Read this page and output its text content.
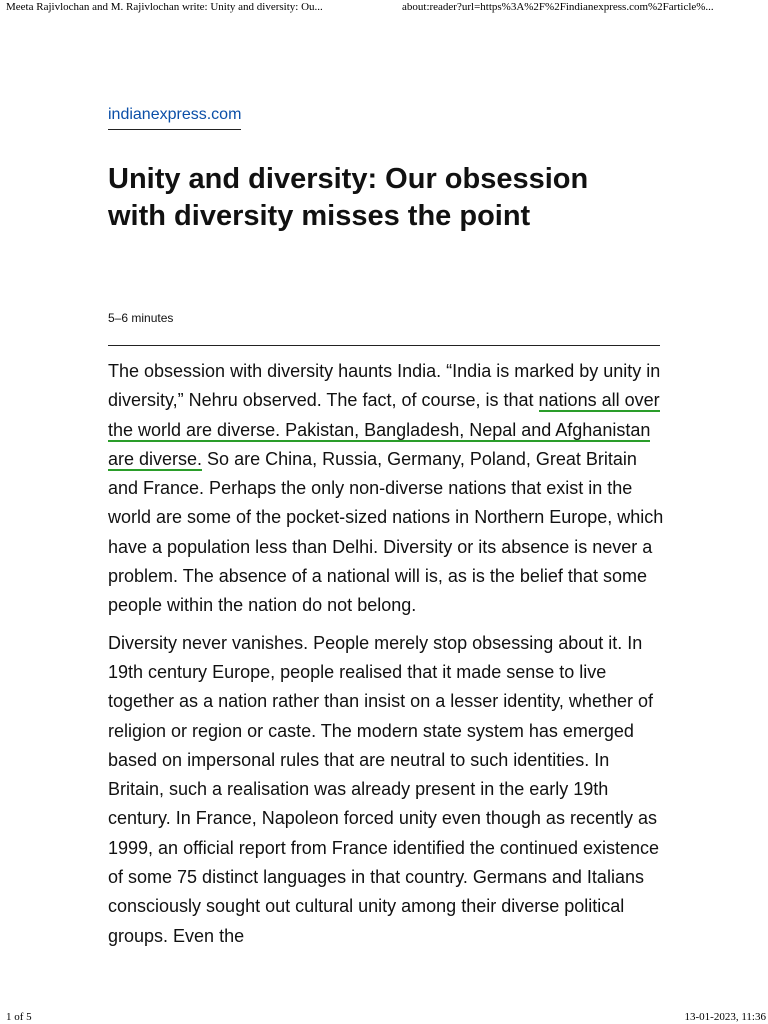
Meeta Rajivlochan and M. Rajivlochan write: Unity and diversity: Ou...	about:reader?url=https%3A%2F%2Findianexpress.com%2Farticle%...
indianexpress.com
Unity and diversity: Our obsession with diversity misses the point
5–6 minutes

The obsession with diversity haunts India. “India is marked by unity in diversity,” Nehru observed. The fact, of course, is that nations all over the world are diverse. Pakistan, Bangladesh, Nepal and Afghanistan are diverse. So are China, Russia, Germany, Poland, Great Britain and France. Perhaps the only non-diverse nations that exist in the world are some of the pocket-sized nations in Northern Europe, which have a population less than Delhi. Diversity or its absence is never a problem. The absence of a national will is, as is the belief that some people within the nation do not belong.

Diversity never vanishes. People merely stop obsessing about it. In 19th century Europe, people realised that it made sense to live together as a nation rather than insist on a lesser identity, whether of religion or region or caste. The modern state system has emerged based on impersonal rules that are neutral to such identities. In Britain, such a realisation was already present in the early 19th century. In France, Napoleon forced unity even though as recently as 1999, an official report from France identified the continued existence of some 75 distinct languages in that country. Germans and Italians consciously sought out cultural unity among their diverse political groups. Even the

1 of 5	13-01-2023, 11:36
